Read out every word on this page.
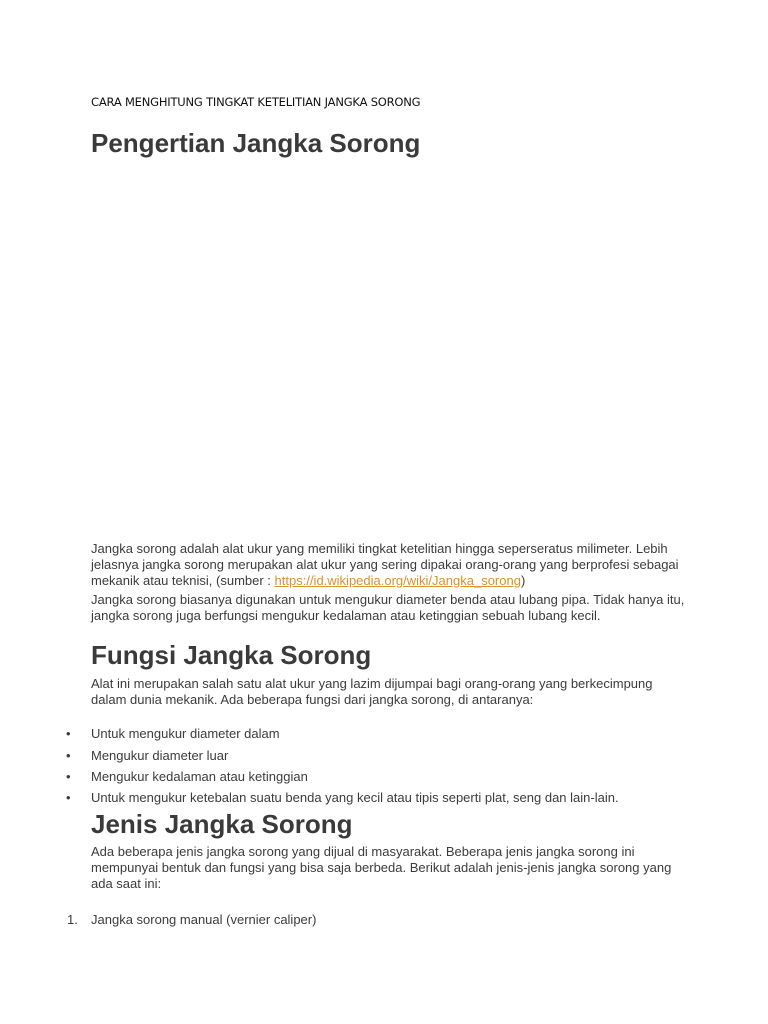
CARA MENGHITUNG TINGKAT KETELITIAN JANGKA SORONG
Pengertian Jangka Sorong

Jangka sorong adalah alat ukur yang memiliki tingkat ketelitian hingga seperseratus milimeter. Lebih jelasnya jangka sorong merupakan alat ukur yang sering dipakai orang-orang yang berprofesi sebagai mekanik atau teknisi, (sumber : https://id.wikipedia.org/wiki/Jangka_sorong)

Jangka sorong biasanya digunakan untuk mengukur diameter benda atau lubang pipa. Tidak hanya itu, jangka sorong juga berfungsi mengukur kedalaman atau ketinggian sebuah lubang kecil.

Fungsi Jangka Sorong

Alat ini merupakan salah satu alat ukur yang lazim dijumpai bagi orang-orang yang berkecimpung dalam dunia mekanik. Ada beberapa fungsi dari jangka sorong, di antaranya:

•	Untuk mengukur diameter dalam
•	Mengukur diameter luar
•	Mengukur kedalaman atau ketinggian
•	Untuk mengukur ketebalan suatu benda yang kecil atau tipis seperti plat, seng dan lain-lain.
Jenis Jangka Sorong

Ada beberapa jenis jangka sorong yang dijual di masyarakat. Beberapa jenis jangka sorong ini mempunyai bentuk dan fungsi yang bisa saja berbeda. Berikut adalah jenis-jenis jangka sorong yang ada saat ini:

1. Jangka sorong manual (vernier caliper)
